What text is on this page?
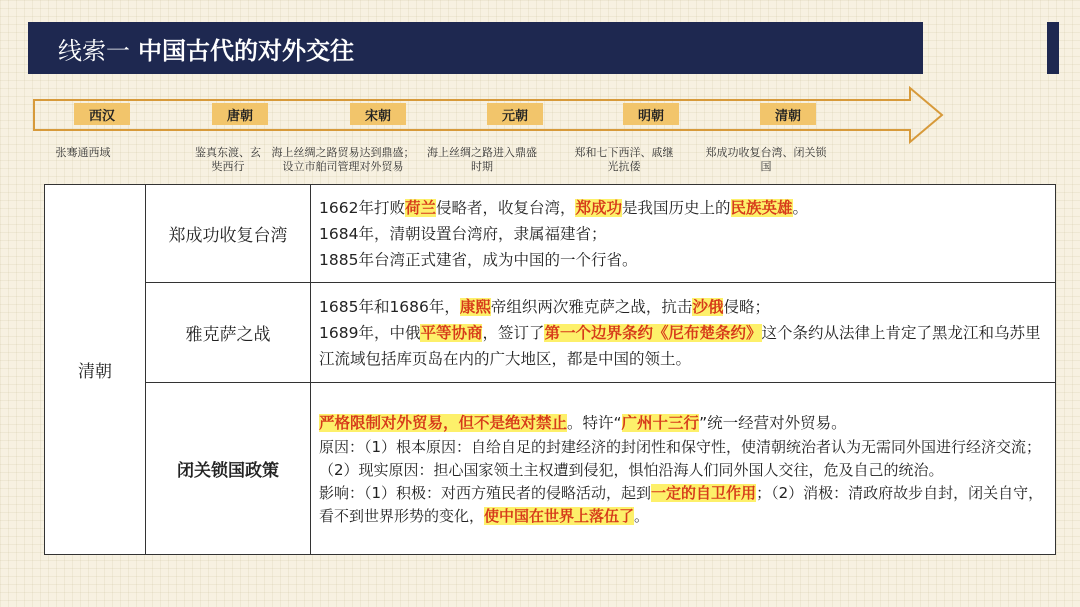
线索一 中国古代的对外交往
西汉	唐朝	宋朝	元朝	明朝	清朝
张骞通西域	鉴真东渡、玄奘西行
海上丝绸之路贸易达到鼎盛；设立市舶司管理对外贸易
海上丝绸之路进入鼎盛时期
郑和七下西洋、戚继光抗倭
郑成功收复台湾、闭关锁国
清朝	郑成功收复台湾	1662年打败荷兰侵略者，收复台湾，郑成功是我国历史上的民族英雄。

1684年，清朝设置台湾府，隶属福建省；

1885年台湾正式建省，成为中国的一个行省。

	雅克萨之战	1685年和1686年，康熙帝组织两次雅克萨之战，抗击沙俄侵略；

1689年，中俄平等协商，签订了第一个边界条约《尼布楚条约》这个条约从法律上肯定了黑龙江和乌苏里江流域包括库页岛在内的广大地区，都是中国的领土。

	闭关锁国政策	严格限制对外贸易，但不是绝对禁止。特许“广州十三行”统一经营对外贸易。

原因：（1）根本原因：自给自足的封建经济的封闭性和保守性，使清朝统治者认为无需同外国进行经济交流；（2）现实原因：担心国家领土主权遭到侵犯，惧怕沿海人们同外国人交往，危及自己的统治。

影响：（1）积极：对西方殖民者的侵略活动，起到一定的自卫作用；（2）消极：清政府故步自封，闭关自守，看不到世界形势的变化，使中国在世界上落伍了。
